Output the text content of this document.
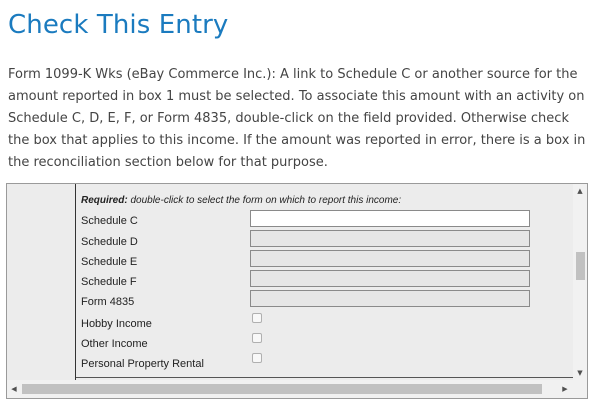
Check This Entry
Form 1099-K Wks (eBay Commerce Inc.): A link to Schedule C or another source for the amount reported in box 1 must be selected. To associate this amount with an activity on Schedule C, D, E, F, or Form 4835, double-click on the field provided. Otherwise check the box that applies to this income. If the amount was reported in error, there is a box in the reconciliation section below for that purpose.
Required: double-click to select the form on which to report this income:
Schedule C
Schedule D
Schedule E
Schedule F
Form 4835
Hobby Income
Other Income
Personal Property Rental
▲
▼
◀	▶
